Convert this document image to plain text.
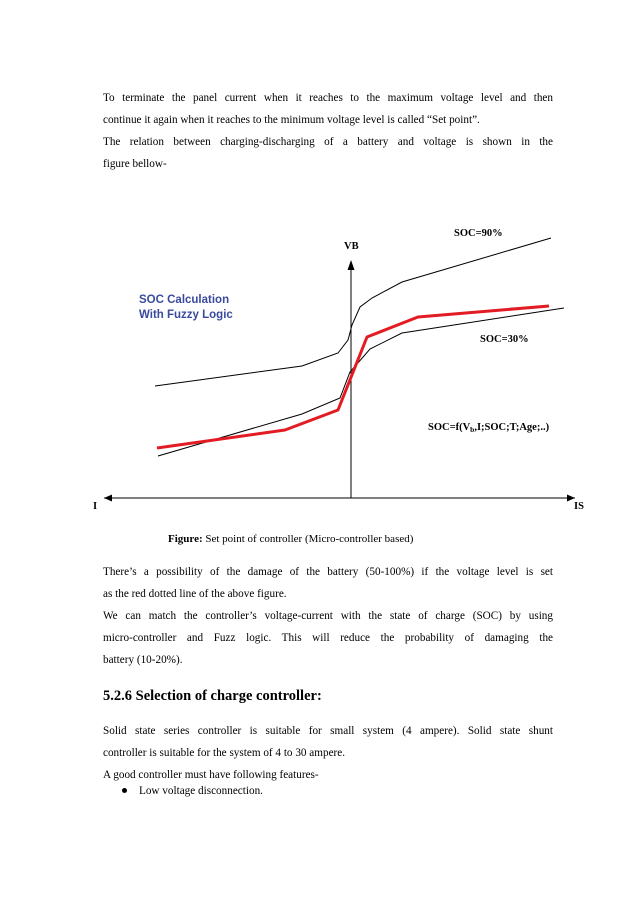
To terminate the panel current when it reaches to the maximum voltage level and then
continue it again when it reaches to the minimum voltage level is called “Set point”.
The relation between charging-discharging of a battery and voltage is shown in the
figure bellow-
SOC=90%
VB
SOC Calculation
With Fuzzy Logic
SOC=30%
SOC=f(Vb,I;SOC;T;Age;..)
I	IS
Figure: Set point of controller (Micro-controller based)
There’s a possibility of the damage of the battery (50-100%) if the voltage level is set
as the red dotted line of the above figure.
We can match the controller’s voltage-current with the state of charge (SOC) by using
micro-controller and Fuzz logic. This will reduce the probability of damaging the
battery (10-20%).
5.2.6 Selection of charge controller:
Solid state series controller is suitable for small system (4 ampere). Solid state shunt
controller is suitable for the system of 4 to 30 ampere.
A good controller must have following features-
Low voltage disconnection.
